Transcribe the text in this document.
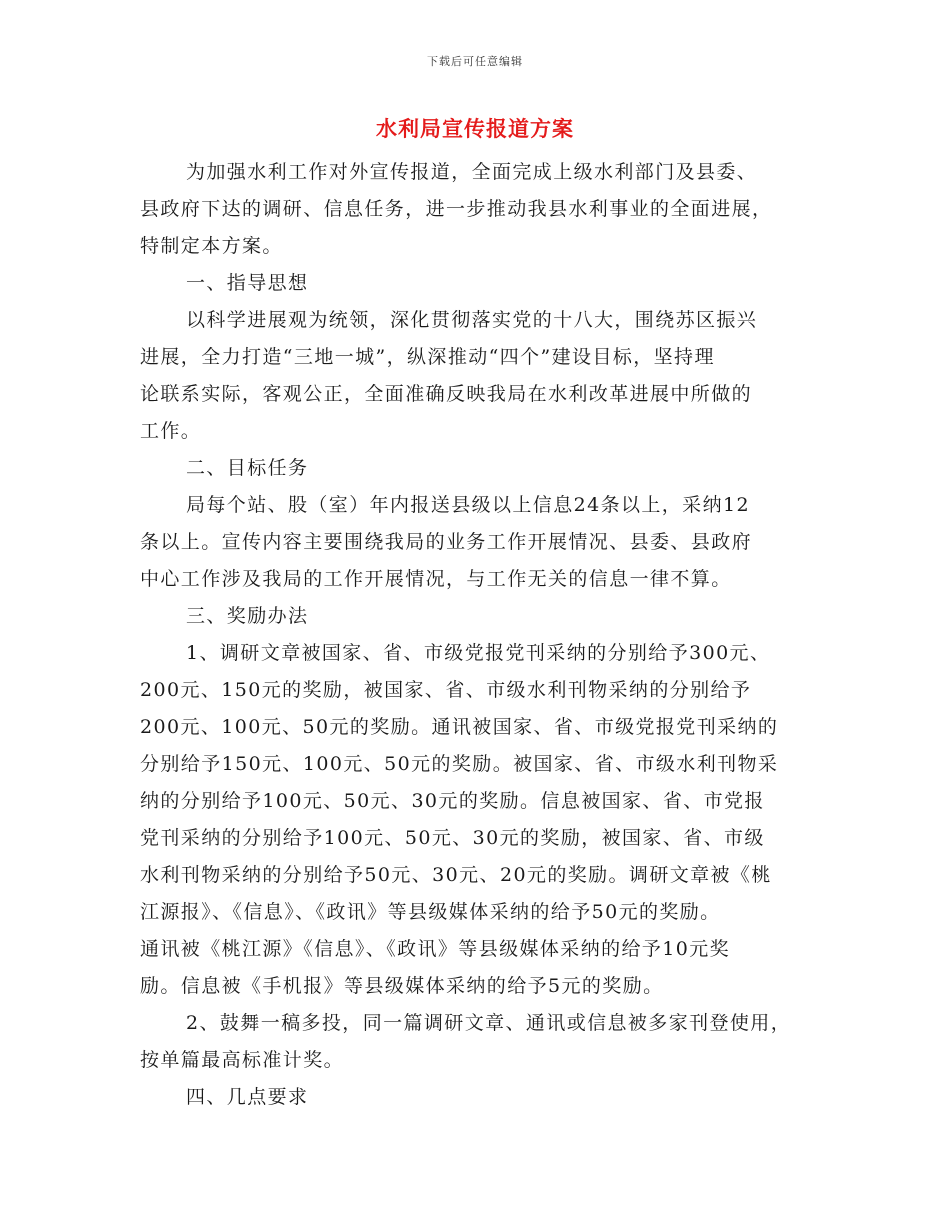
下载后可任意编辑
水利局宣传报道方案
为加强水利工作对外宣传报道，全面完成上级水利部门及县委、
县政府下达的调研、信息任务，进一步推动我县水利事业的全面进展，
特制定本方案。
一、指导思想
以科学进展观为统领，深化贯彻落实党的十八大，围绕苏区振兴
进展，全力打造“三地一城”，纵深推动“四个”建设目标，坚持理
论联系实际，客观公正，全面准确反映我局在水利改革进展中所做的
工作。
二、目标任务
局每个站、股（室）年内报送县级以上信息24条以上，采纳12
条以上。宣传内容主要围绕我局的业务工作开展情况、县委、县政府
中心工作涉及我局的工作开展情况，与工作无关的信息一律不算。
三、奖励办法
1、调研文章被国家、省、市级党报党刊采纳的分别给予300元、
200元、150元的奖励，被国家、省、市级水利刊物采纳的分别给予
200元、100元、50元的奖励。通讯被国家、省、市级党报党刊采纳的
分别给予150元、100元、50元的奖励。被国家、省、市级水利刊物采
纳的分别给予100元、50元、30元的奖励。信息被国家、省、市党报
党刊采纳的分别给予100元、50元、30元的奖励，被国家、省、市级
水利刊物采纳的分别给予50元、30元、20元的奖励。调研文章被《桃
江源报》、《信息》、《政讯》等县级媒体采纳的给予50元的奖励。
通讯被《桃江源》《信息》、《政讯》等县级媒体采纳的给予10元奖
励。信息被《手机报》等县级媒体采纳的给予5元的奖励。
2、鼓舞一稿多投，同一篇调研文章、通讯或信息被多家刊登使用，
按单篇最高标准计奖。
四、几点要求
